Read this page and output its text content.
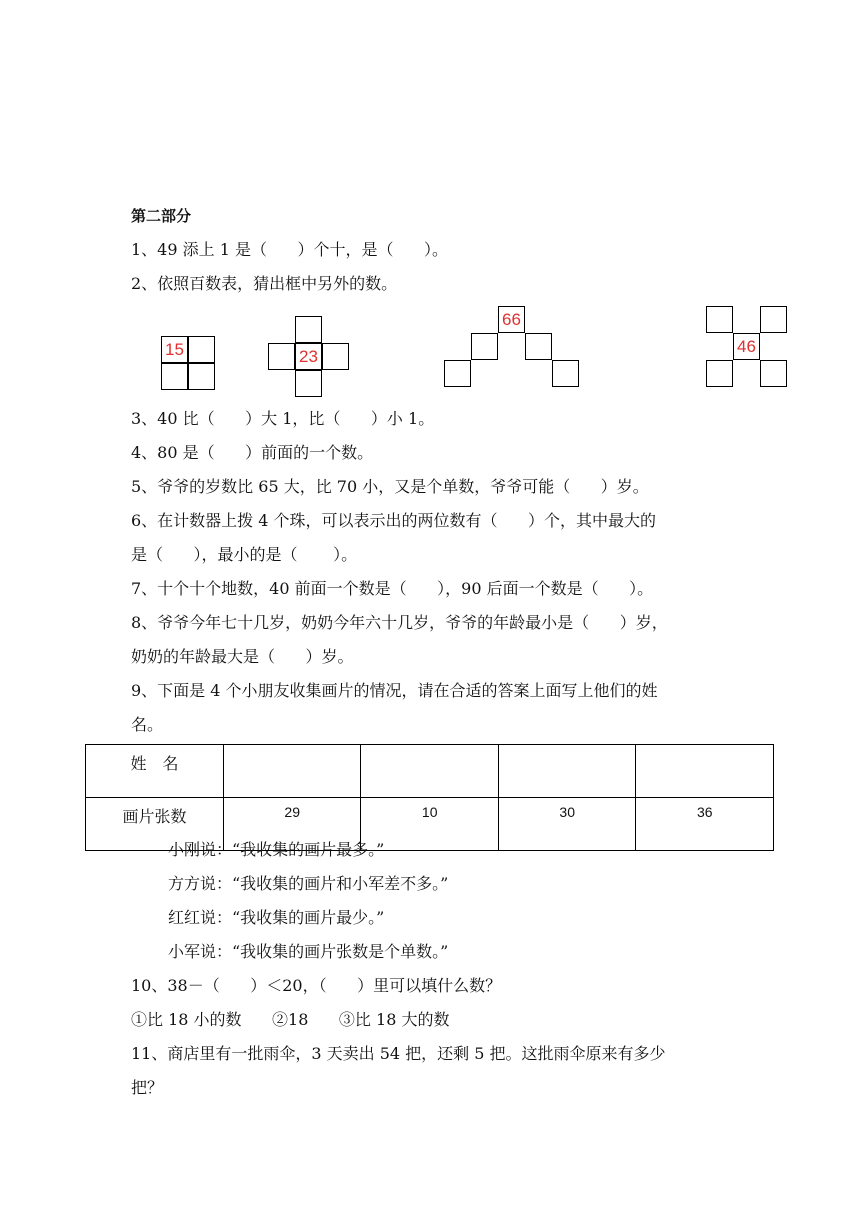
第二部分
1、49 添上 1 是（      ）个十，是（      ）。
2、依照百数表，猜出框中另外的数。
15	23
66
46
3、40 比（      ）大 1，比（      ）小 1。
4、80 是（      ）前面的一个数。
5、爷爷的岁数比 65 大，比 70 小，又是个单数，爷爷可能（      ）岁。
6、在计数器上拨 4 个珠，可以表示出的两位数有（      ）个，其中最大的
是（      ），最小的是（       ）。
7、十个十个地数，40 前面一个数是（      ），90 后面一个数是（      ）。
8、爷爷今年七十几岁，奶奶今年六十几岁，爷爷的年龄最小是（      ）岁，
奶奶的年龄最大是（      ）岁。
9、下面是 4 个小朋友收集画片的情况，请在合适的答案上面写上他们的姓
名。
姓　名				
画片张数	29	10	30	36
小刚说：“我收集的画片最多。”
方方说：“我收集的画片和小军差不多。”
红红说：“我收集的画片最少。”
小军说：“我收集的画片张数是个单数。”
10、38－（      ）＜20，（      ）里可以填什么数？
①比 18 小的数      ②18      ③比 18 大的数
11、商店里有一批雨伞，3 天卖出 54 把，还剩 5 把。这批雨伞原来有多少
把？
